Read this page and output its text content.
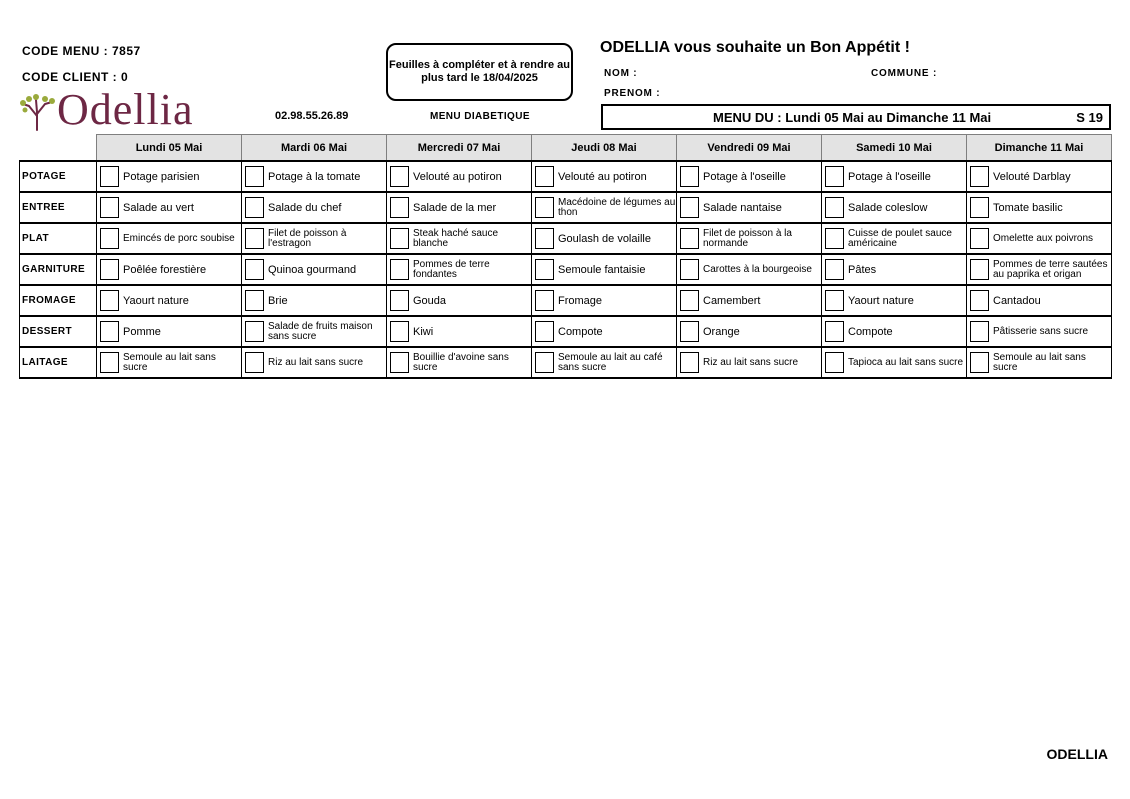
CODE MENU : 7857
CODE CLIENT : 0
Feuilles à compléter et à rendre au plus tard le 18/04/2025
ODELLIA vous souhaite un Bon Appétit !
NOM :	COMMUNE :
PRENOM :
Odellia	02.98.55.26.89	MENU DIABETIQUE	MENU DU : Lundi 05 Mai au Dimanche 11 Mai	S 19
	Lundi 05 Mai	Mardi 06 Mai	Mercredi 07 Mai	Jeudi 08 Mai	Vendredi 09 Mai	Samedi 10 Mai	Dimanche 11 Mai
POTAGE	Potage parisien	Potage à la tomate	Velouté au potiron	Velouté au potiron	Potage à l'oseille	Potage à l'oseille	Velouté Darblay

ENTREE	Salade au vert	Salade du chef	Salade de la mer	Macédoine de légumes au thon	Salade nantaise	Salade coleslow	Tomate basilic

PLAT	Emincés de porc soubise	Filet de poisson à l'estragon	Steak haché sauce blanche	Goulash de volaille	Filet de poisson à la normande	Cuisse de poulet sauce américaine	Omelette aux poivrons

GARNITURE	Poêlée forestière	Quinoa gourmand	Pommes de terre fondantes	Semoule fantaisie	Carottes à la bourgeoise	Pâtes	Pommes de terre sautées au paprika et origan

FROMAGE	Yaourt nature	Brie	Gouda	Fromage	Camembert	Yaourt nature	Cantadou

DESSERT	Pomme	Salade de fruits maison sans sucre	Kiwi	Compote	Orange	Compote	Pâtisserie sans sucre

LAITAGE	Semoule au lait sans sucre	Riz au lait sans sucre	Bouillie d'avoine sans sucre	Semoule au lait au café sans sucre	Riz au lait sans sucre	Tapioca au lait sans sucre	Semoule au lait sans sucre
ODELLIA
